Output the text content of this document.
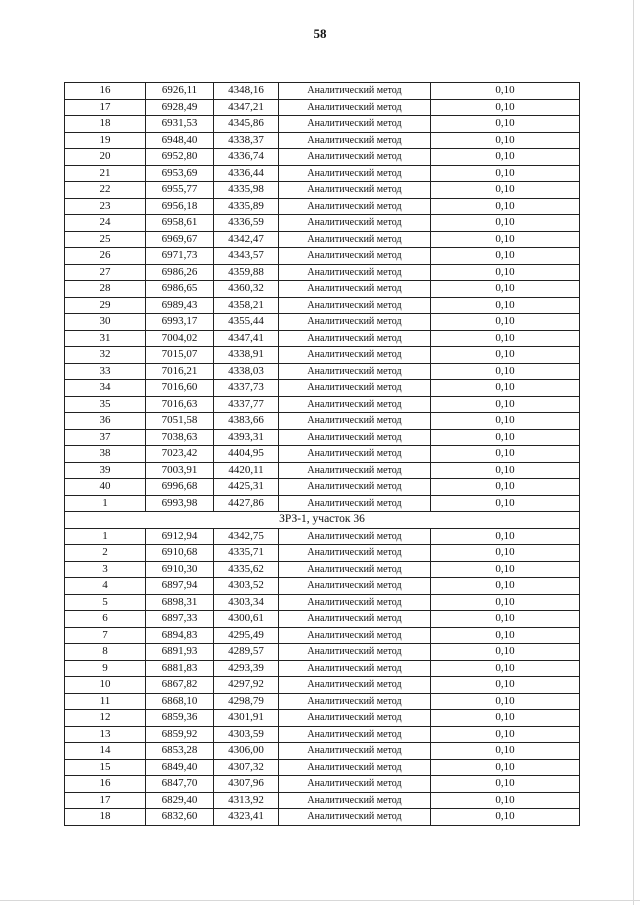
58
16	6926,11	4348,16	Аналитический метод	0,10
17	6928,49	4347,21	Аналитический метод	0,10
18	6931,53	4345,86	Аналитический метод	0,10
19	6948,40	4338,37	Аналитический метод	0,10
20	6952,80	4336,74	Аналитический метод	0,10
21	6953,69	4336,44	Аналитический метод	0,10
22	6955,77	4335,98	Аналитический метод	0,10
23	6956,18	4335,89	Аналитический метод	0,10
24	6958,61	4336,59	Аналитический метод	0,10
25	6969,67	4342,47	Аналитический метод	0,10
26	6971,73	4343,57	Аналитический метод	0,10
27	6986,26	4359,88	Аналитический метод	0,10
28	6986,65	4360,32	Аналитический метод	0,10
29	6989,43	4358,21	Аналитический метод	0,10
30	6993,17	4355,44	Аналитический метод	0,10
31	7004,02	4347,41	Аналитический метод	0,10
32	7015,07	4338,91	Аналитический метод	0,10
33	7016,21	4338,03	Аналитический метод	0,10
34	7016,60	4337,73	Аналитический метод	0,10
35	7016,63	4337,77	Аналитический метод	0,10
36	7051,58	4383,66	Аналитический метод	0,10
37	7038,63	4393,31	Аналитический метод	0,10
38	7023,42	4404,95	Аналитический метод	0,10
39	7003,91	4420,11	Аналитический метод	0,10
40	6996,68	4425,31	Аналитический метод	0,10
1	6993,98	4427,86	Аналитический метод	0,10
ЗРЗ-1, участок 36				
1	6912,94	4342,75	Аналитический метод	0,10
2	6910,68	4335,71	Аналитический метод	0,10
3	6910,30	4335,62	Аналитический метод	0,10
4	6897,94	4303,52	Аналитический метод	0,10
5	6898,31	4303,34	Аналитический метод	0,10
6	6897,33	4300,61	Аналитический метод	0,10
7	6894,83	4295,49	Аналитический метод	0,10
8	6891,93	4289,57	Аналитический метод	0,10
9	6881,83	4293,39	Аналитический метод	0,10
10	6867,82	4297,92	Аналитический метод	0,10
11	6868,10	4298,79	Аналитический метод	0,10
12	6859,36	4301,91	Аналитический метод	0,10
13	6859,92	4303,59	Аналитический метод	0,10
14	6853,28	4306,00	Аналитический метод	0,10
15	6849,40	4307,32	Аналитический метод	0,10
16	6847,70	4307,96	Аналитический метод	0,10
17	6829,40	4313,92	Аналитический метод	0,10
18	6832,60	4323,41	Аналитический метод	0,10
